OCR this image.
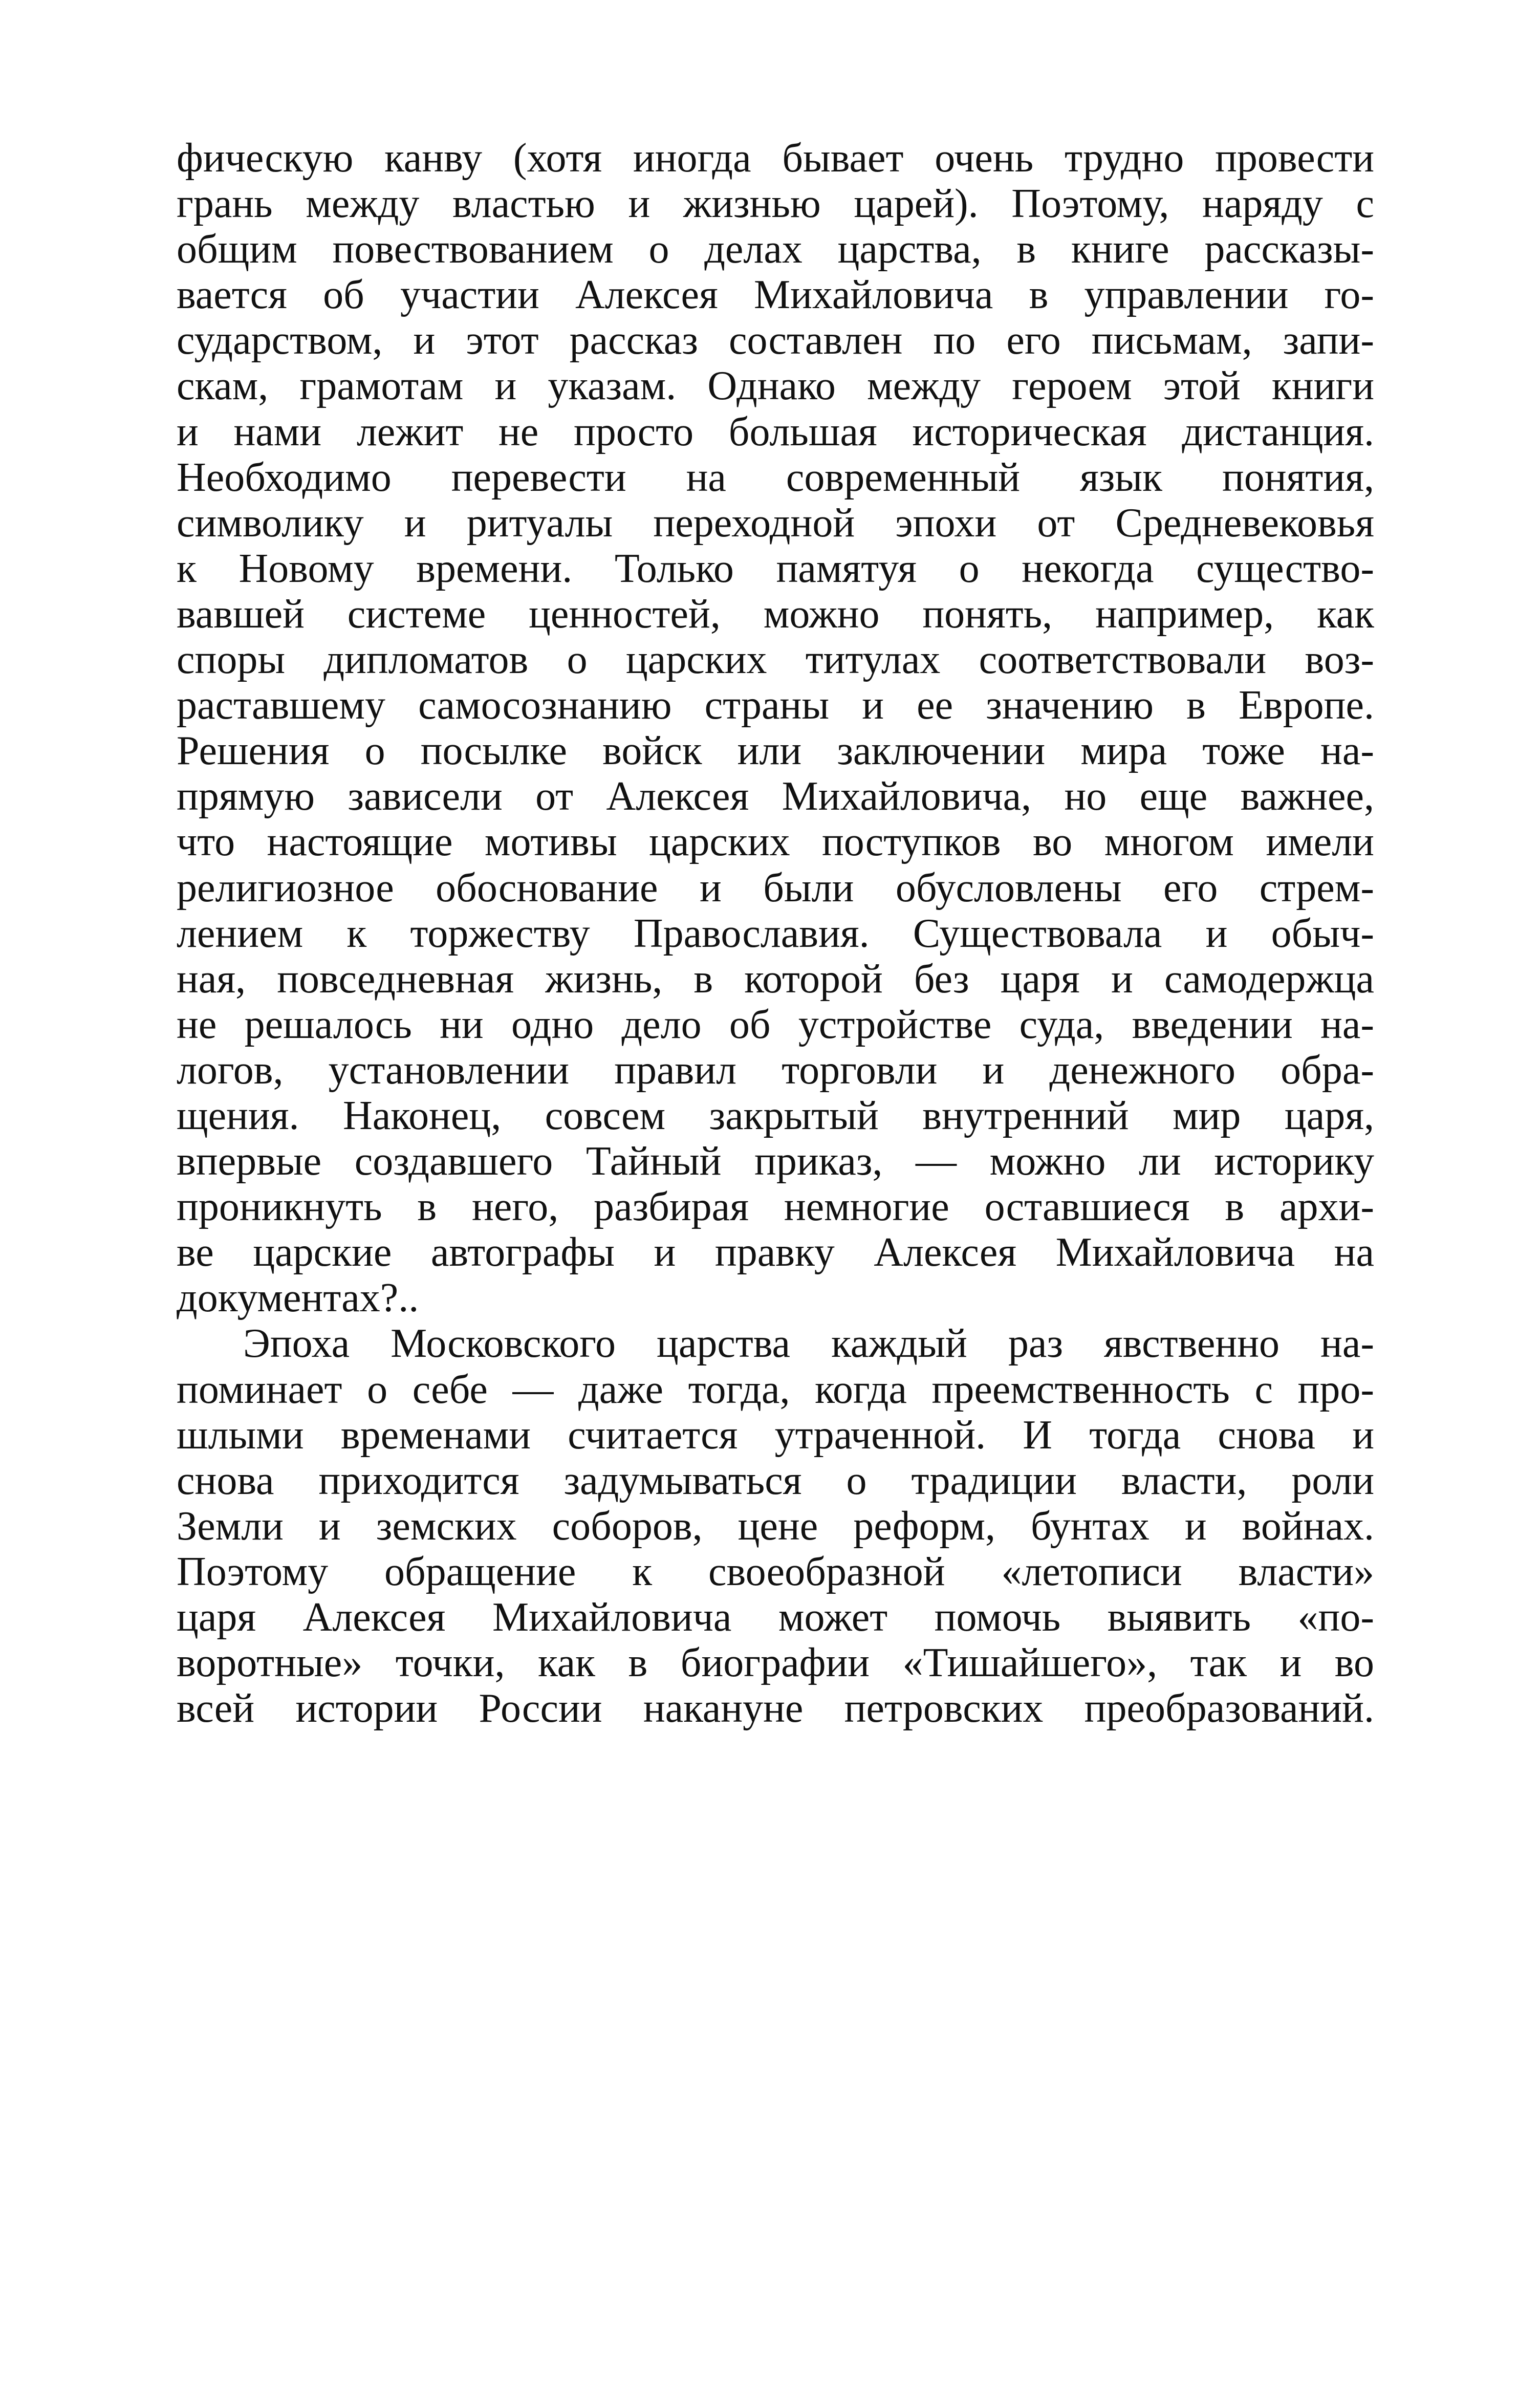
фическую канву (хотя иногда бывает очень трудно провести
грань между властью и жизнью царей). Поэтому, наряду с
общим повествованием о делах царства, в книге рассказы-
вается об участии Алексея Михайловича в управлении го-
сударством, и этот рассказ составлен по его письмам, запи-
скам, грамотам и указам. Однако между героем этой книги
и нами лежит не просто большая историческая дистанция.
Необходимо перевести на современный язык понятия,
символику и ритуалы переходной эпохи от Средневековья
к Новому времени. Только памятуя о некогда существо-
вавшей системе ценностей, можно понять, например, как
споры дипломатов о царских титулах соответствовали воз-
раставшему самосознанию страны и ее значению в Европе.
Решения о посылке войск или заключении мира тоже на-
прямую зависели от Алексея Михайловича, но еще важнее,
что настоящие мотивы царских поступков во многом имели
религиозное обоснование и были обусловлены его стрем-
лением к торжеству Православия. Существовала и обыч-
ная, повседневная жизнь, в которой без царя и самодержца
не решалось ни одно дело об устройстве суда, введении на-
логов, установлении правил торговли и денежного обра-
щения. Наконец, совсем закрытый внутренний мир царя,
впервые создавшего Тайный приказ, — можно ли историку
проникнуть в него, разбирая немногие оставшиеся в архи-
ве царские автографы и правку Алексея Михайловича на
документах?..
Эпоха Московского царства каждый раз явственно на-
поминает о себе — даже тогда, когда преемственность с про-
шлыми временами считается утраченной. И тогда снова и
снова приходится задумываться о традиции власти, роли
Земли и земских соборов, цене реформ, бунтах и войнах.
Поэтому обращение к своеобразной «летописи власти»
царя Алексея Михайловича может помочь выявить «по-
воротные» точки, как в биографии «Тишайшего», так и во
всей истории России накануне петровских преобразований.
